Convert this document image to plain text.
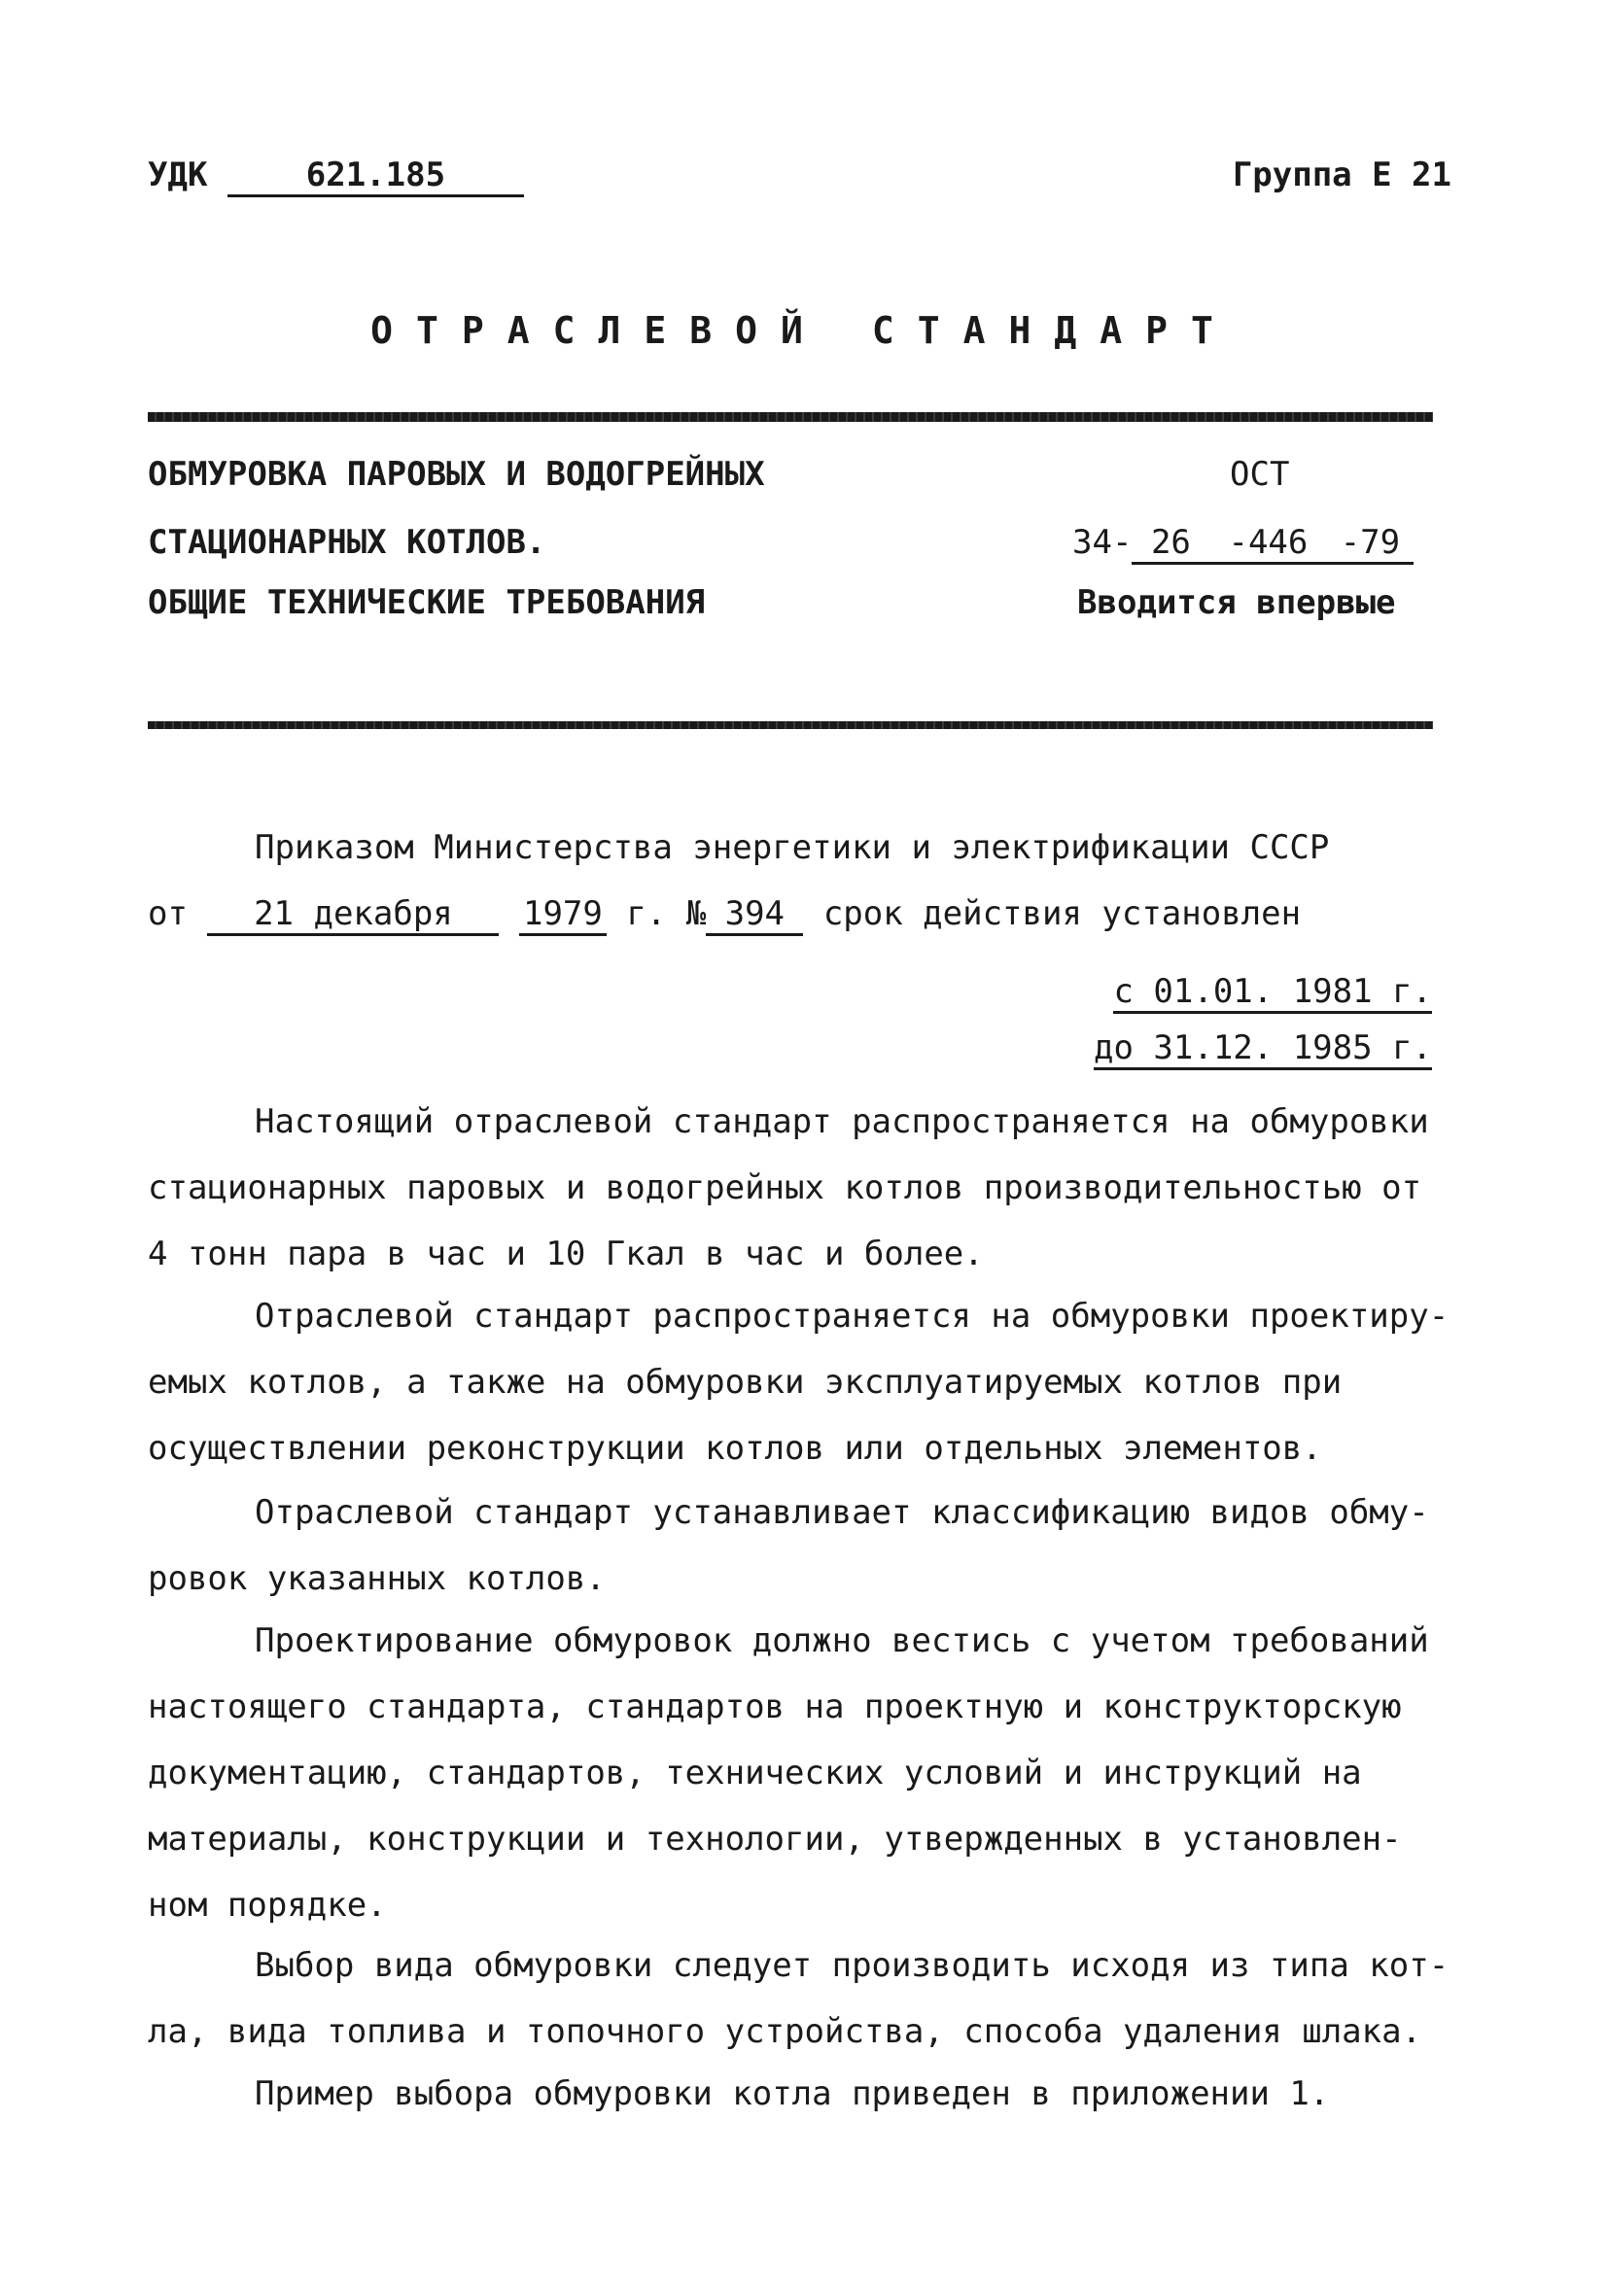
УДК	621.185	Группа Е 21
ОТРАСЛЕВОЙ СТАНДАРТ
ОБМУРОВКА ПАРОВЫХ И ВОДОГРЕЙНЫХ
СТАЦИОНАРНЫХ КОТЛОВ.
ОБЩИЕ ТЕХНИЧЕСКИЕ ТРЕБОВАНИЯ
ОСТ
34- 26 -446 -79
Вводится впервые
Приказом Министерства энергетики и электрификации СССР
от 21 декабря 1979 г. № 394 срок действия установлен
с 01.01. 1981 г.
до 31.12. 1985 г.
Настоящий отраслевой стандарт распространяется на обмуровки
стационарных паровых и водогрейных котлов производительностью от
4 тонн пара в час и 10 Гкал в час и более.
Отраслевой стандарт распространяется на обмуровки проектиру-
емых котлов, а также на обмуровки эксплуатируемых котлов при
осуществлении реконструкции котлов или отдельных элементов.
Отраслевой стандарт устанавливает классификацию видов обму-
ровок указанных котлов.
Проектирование обмуровок должно вестись с учетом требований
настоящего стандарта, стандартов на проектную и конструкторскую
документацию, стандартов, технических условий и инструкций на
материалы, конструкции и технологии, утвержденных в установлен-
ном порядке.
Выбор вида обмуровки следует производить исходя из типа кот-
ла, вида топлива и топочного устройства, способа удаления шлака.
Пример выбора обмуровки котла приведен в приложении 1.
